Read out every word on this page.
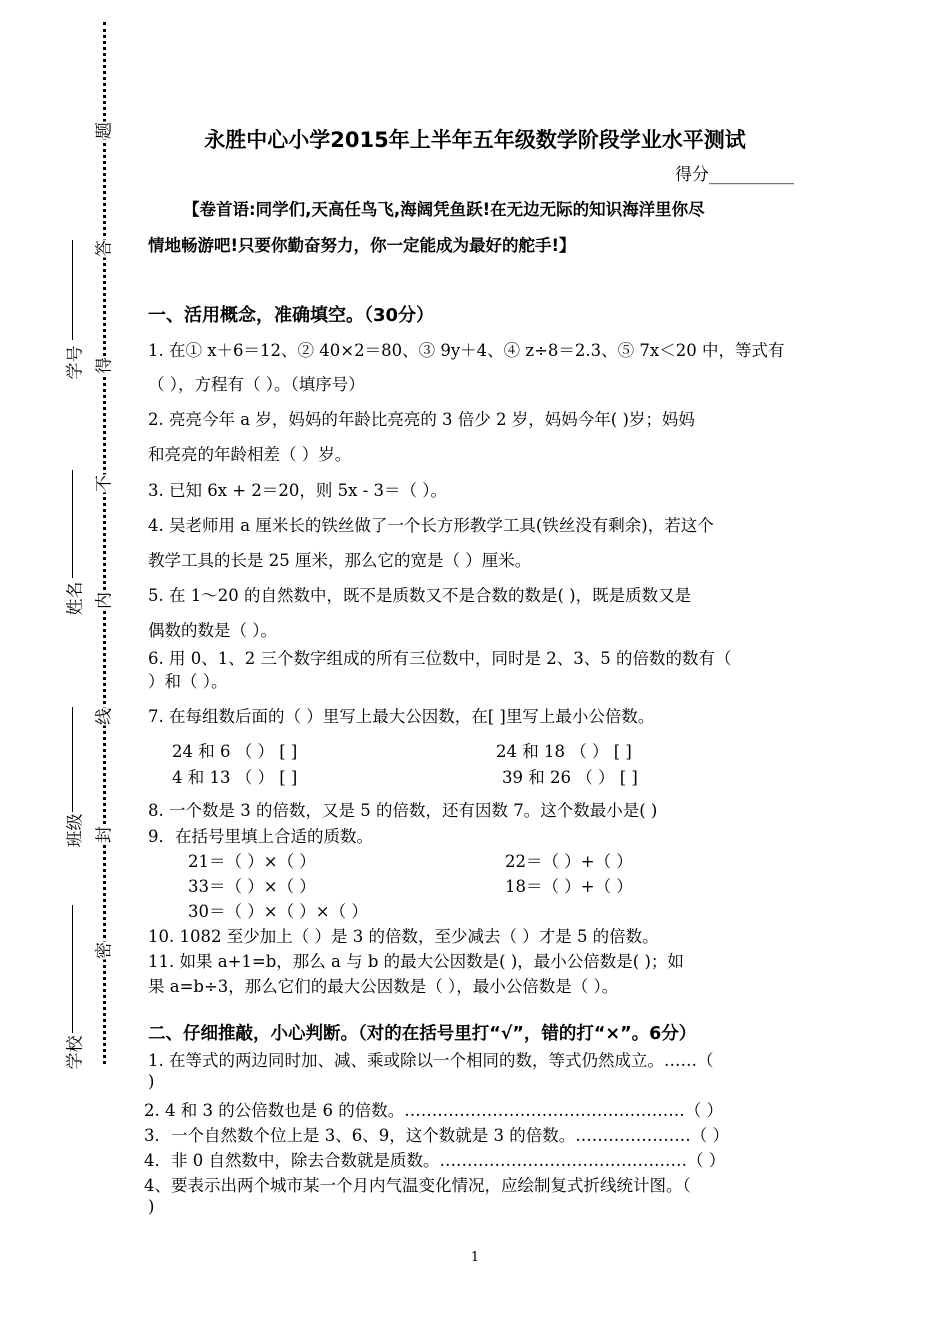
题
答
得
不
内
线
封
密
学号
姓名
班级
学校
永胜中心小学2015年上半年五年级数学阶段学业水平测试
得分__________
【卷首语:同学们,天高任鸟飞,海阔凭鱼跃!在无边无际的知识海洋里你尽
情地畅游吧!只要你勤奋努力，你一定能成为最好的舵手!】
一、活用概念，准确填空。（30分）
1. 在① x＋6＝12、② 40×2＝80、③ 9y＋4、④ z÷8＝2.3、⑤ 7x＜20 中，等式有
（ ），方程有（ ）。（填序号）
2. 亮亮今年 a 岁，妈妈的年龄比亮亮的 3 倍少 2 岁，妈妈今年( )岁；妈妈
和亮亮的年龄相差（ ）岁。
3. 已知 6x + 2＝20，则 5x - 3＝（ ）。
4. 吴老师用 a 厘米长的铁丝做了一个长方形教学工具(铁丝没有剩余)，若这个
教学工具的长是 25 厘米，那么它的宽是（ ）厘米。
5. 在 1～20 的自然数中，既不是质数又不是合数的数是( )，既是质数又是
偶数的数是（ ）。
6. 用 0、1、2 三个数字组成的所有三位数中，同时是 2、3、5 的倍数的数有（
）和（ ）。
7. 在每组数后面的（ ）里写上最大公因数，在[ ]里写上最小公倍数。
24 和 6 （ ） [ ]	24 和 18 （ ） [ ]
4 和 13 （ ） [ ]	39 和 26 （ ） [ ]
8. 一个数是 3 的倍数，又是 5 的倍数，还有因数 7。这个数最小是( )
9．在括号里填上合适的质数。
21＝（ ）×（ ）	22＝（ ）+（ ）
33＝（ ）×（ ）	18＝（ ）+（ ）
30＝（ ）×（ ）×（ ）
10. 1082 至少加上（ ）是 3 的倍数，至少减去（ ）才是 5 的倍数。
11. 如果 a+1=b，那么 a 与 b 的最大公因数是( )，最小公倍数是( )；如
果 a=b÷3，那么它们的最大公因数是（ ），最小公倍数是（ ）。
二、仔细推敲，小心判断。（对的在括号里打“√”，错的打“×”。6分）
1. 在等式的两边同时加、减、乘或除以一个相同的数，等式仍然成立。……（
)
2. 4 和 3 的公倍数也是 6 的倍数。……………………………………………（ ）
3．一个自然数个位上是 3、6、9，这个数就是 3 的倍数。…………………（ ）
4．非 0 自然数中，除去合数就是质数。………………………………………（ ）
4、要表示出两个城市某一个月内气温变化情况，应绘制复式折线统计图。（
)
1
